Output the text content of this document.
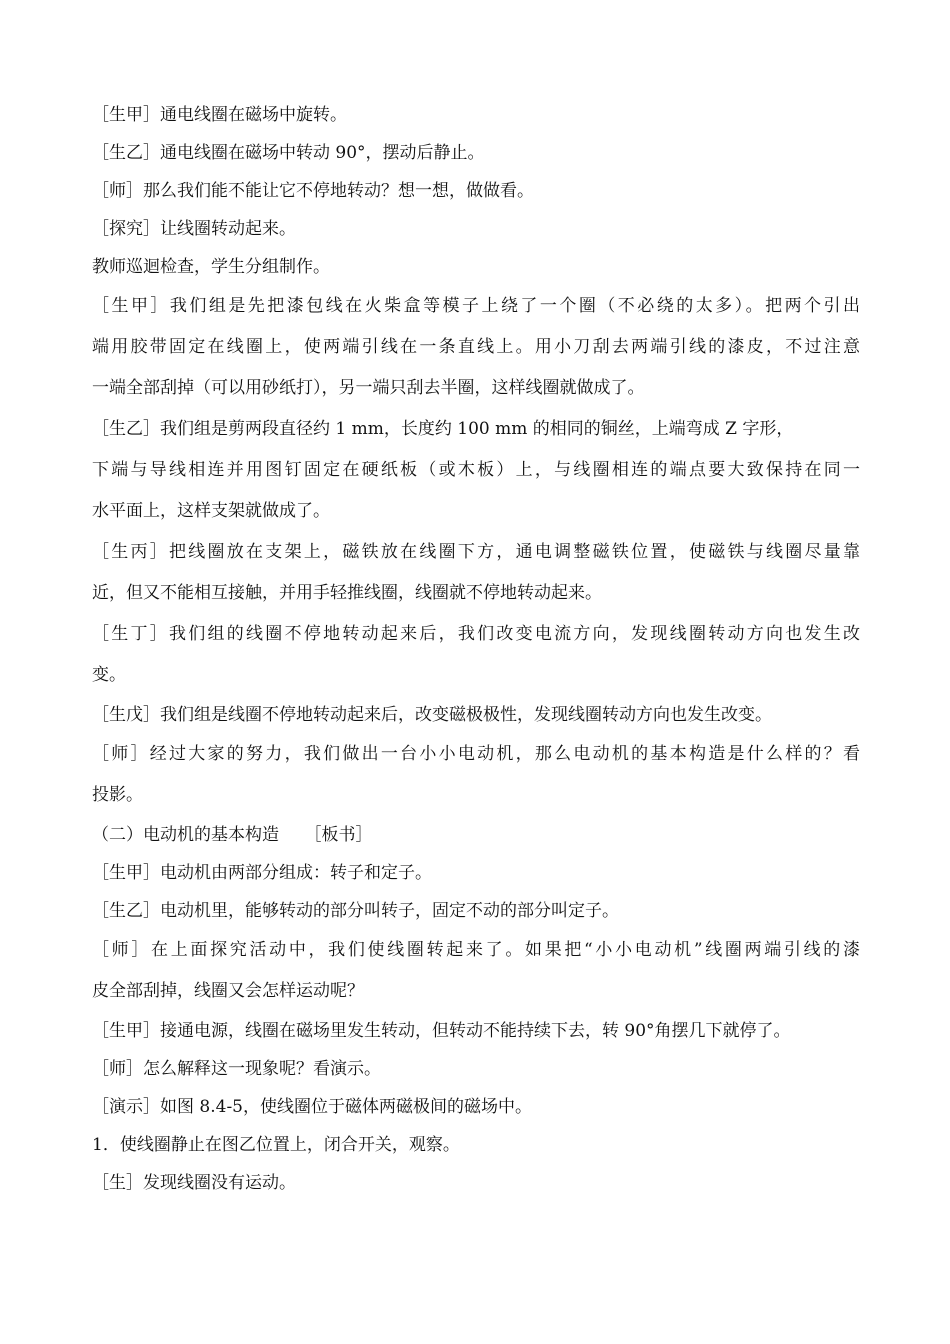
［生甲］通电线圈在磁场中旋转。
［生乙］通电线圈在磁场中转动 90°，摆动后静止。
［师］那么我们能不能让它不停地转动？想一想，做做看。
［探究］让线圈转动起来。
教师巡迴检查，学生分组制作。
［生甲］我们组是先把漆包线在火柴盒等模子上绕了一个圈（不必绕的太多）。把两个引出
端用胶带固定在线圈上，使两端引线在一条直线上。用小刀刮去两端引线的漆皮，不过注意
一端全部刮掉（可以用砂纸打），另一端只刮去半圈，这样线圈就做成了。
［生乙］我们组是剪两段直径约 1 mm，长度约 100 mm 的相同的铜丝，上端弯成 Z 字形，
下端与导线相连并用图钉固定在硬纸板（或木板）上，与线圈相连的端点要大致保持在同一
水平面上，这样支架就做成了。
［生丙］把线圈放在支架上，磁铁放在线圈下方，通电调整磁铁位置，使磁铁与线圈尽量靠
近，但又不能相互接触，并用手轻推线圈，线圈就不停地转动起来。
［生丁］我们组的线圈不停地转动起来后，我们改变电流方向，发现线圈转动方向也发生改
变。
［生戊］我们组是线圈不停地转动起来后，改变磁极极性，发现线圈转动方向也发生改变。
［师］经过大家的努力，我们做出一台小小电动机，那么电动机的基本构造是什么样的？看
投影。
（二）电动机的基本构造　　［板书］
［生甲］电动机由两部分组成：转子和定子。
［生乙］电动机里，能够转动的部分叫转子，固定不动的部分叫定子。
［师］在上面探究活动中，我们使线圈转起来了。如果把“小小电动机”线圈两端引线的漆
皮全部刮掉，线圈又会怎样运动呢？
［生甲］接通电源，线圈在磁场里发生转动，但转动不能持续下去，转 90°角摆几下就停了。
［师］怎么解释这一现象呢？看演示。
［演示］如图 8.4-5，使线圈位于磁体两磁极间的磁场中。
1．使线圈静止在图乙位置上，闭合开关，观察。
［生］发现线圈没有运动。
